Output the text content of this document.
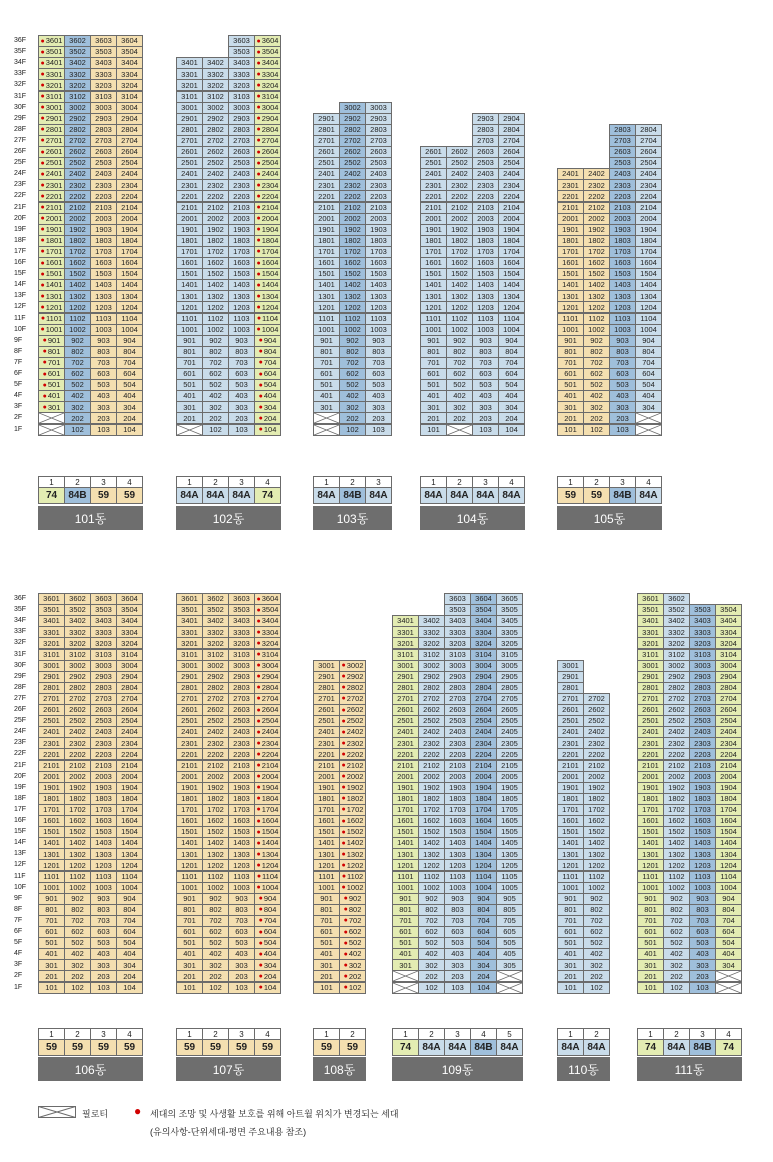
36F
35F
34F
33F
32F
31F
30F
29F
28F
27F
26F
25F
24F
23F
22F
21F
20F
19F
18F
17F
16F
15F
14F
13F
12F
11F
10F
9F
8F
7F
6F
5F
4F
3F
2F
1F
● 3601 3602 3603 3604
● 3501 3502 3503 3504
● 3401 3402 3403 3404
● 3301 3302 3303 3304
● 3201 3202 3203 3204
● 3101 3102 3103 3104
● 3001 3002 3003 3004
● 2901 2902 2903 2904
● 2801 2802 2803 2804
● 2701 2702 2703 2704
● 2601 2602 2603 2604
● 2501 2502 2503 2504
● 2401 2402 2403 2404
● 2301 2302 2303 2304
● 2201 2202 2203 2204
● 2101 2102 2103 2104
● 2001 2002 2003 2004
● 1901 1902 1903 1904
● 1801 1802 1803 1804
● 1701 1702 1703 1704
● 1601 1602 1603 1604
● 1501 1502 1503 1504
● 1401 1402 1403 1404
● 1301 1302 1303 1304
● 1201 1202 1203 1204
● 1101 1102 1103 1104
● 1001 1002 1003 1004
● 901 902 903 904
● 801 802 803 804
● 701 702 703 704
● 601 602 603 604
● 501 502 503 504
● 401 402 403 404
● 301 302 303 304
202 203 204
102 103 104
1
74
2
84B
3
59
4
59
101동
3603 ● 3604
3503 ● 3504
3401 3402 3403 ● 3404
3301 3302 3303 ● 3304
3201 3202 3203 ● 3204
3101 3102 3103 ● 3104
3001 3002 3003 ● 3004
2901 2902 2903 ● 2904
2801 2802 2803 ● 2804
2701 2702 2703 ● 2704
2601 2602 2603 ● 2604
2501 2502 2503 ● 2504
2401 2402 2403 ● 2404
2301 2302 2303 ● 2304
2201 2202 2203 ● 2204
2101 2102 2103 ● 2104
2001 2002 2003 ● 2004
1901 1902 1903 ● 1904
1801 1802 1803 ● 1804
1701 1702 1703 ● 1704
1601 1602 1603 ● 1604
1501 1502 1503 ● 1504
1401 1402 1403 ● 1404
1301 1302 1303 ● 1304
1201 1202 1203 ● 1204
1101 1102 1103 ● 1104
1001 1002 1003 ● 1004
901 902 903 ● 904
801 802 803 ● 804
701 702 703 ● 704
601 602 603 ● 604
501 502 503 ● 504
401 402 403 ● 404
301 302 303 ● 304
201 202 203 ● 204
102 103 ● 104
1
84A
2
84A
3
84A
4
74
102동
3002 3003
2901 2902 2903
2801 2802 2803
2701 2702 2703
2601 2602 2603
2501 2502 2503
2401 2402 2403
2301 2302 2303
2201 2202 2203
2101 2102 2103
2001 2002 2003
1901 1902 1903
1801 1802 1803
1701 1702 1703
1601 1602 1603
1501 1502 1503
1401 1402 1403
1301 1302 1303
1201 1202 1203
1101 1102 1103
1001 1002 1003
901 902 903
801 802 803
701 702 703
601 602 603
501 502 503
401 402 403
301 302 303
202 203
102 103
1
84A
2
84B
3
84A
103동
2903 2904
2803 2804
2703 2704
2601 2602 2603 2604
2501 2502 2503 2504
2401 2402 2403 2404
2301 2302 2303 2304
2201 2202 2203 2204
2101 2102 2103 2104
2001 2002 2003 2004
1901 1902 1903 1904
1801 1802 1803 1804
1701 1702 1703 1704
1601 1602 1603 1604
1501 1502 1503 1504
1401 1402 1403 1404
1301 1302 1303 1304
1201 1202 1203 1204
1101 1102 1103 1104
1001 1002 1003 1004
901 902 903 904
801 802 803 804
701 702 703 704
601 602 603 604
501 502 503 504
401 402 403 404
301 302 303 304
201 202 203 204
101	103 104
1
84A
2
84A
3
84A
4
84A
104동
2803 2804
2703 2704
2603 2604
2503 2504
2401 2402 2403 2404
2301 2302 2303 2304
2201 2202 2203 2204
2101 2102 2103 2104
2001 2002 2003 2004
1901 1902 1903 1904
1801 1802 1803 1804
1701 1702 1703 1704
1601 1602 1603 1604
1501 1502 1503 1504
1401 1402 1403 1404
1301 1302 1303 1304
1201 1202 1203 1204
1101 1102 1103 1104
1001 1002 1003 1004
901 902 903 904
801 802 803 804
701 702 703 704
601 602 603 604
501 502 503 504
401 402 403 404
301 302 303 304
201 202 203
101 102 103
1
59
2
59
3
84B
4
84A
105동
36F
35F
34F
33F
32F
31F
30F
29F
28F
27F
26F
25F
24F
23F
22F
21F
20F
19F
18F
17F
16F
15F
14F
13F
12F
11F
10F
9F
8F
7F
6F
5F
4F
3F
2F
1F
3601 3602 3603 3604
3501 3502 3503 3504
3401 3402 3403 3404
3301 3302 3303 3304
3201 3202 3203 3204
3101 3102 3103 3104
3001 3002 3003 3004
2901 2902 2903 2904
2801 2802 2803 2804
2701 2702 2703 2704
2601 2602 2603 2604
2501 2502 2503 2504
2401 2402 2403 2404
2301 2302 2303 2304
2201 2202 2203 2204
2101 2102 2103 2104
2001 2002 2003 2004
1901 1902 1903 1904
1801 1802 1803 1804
1701 1702 1703 1704
1601 1602 1603 1604
1501 1502 1503 1504
1401 1402 1403 1404
1301 1302 1303 1304
1201 1202 1203 1204
1101 1102 1103 1104
1001 1002 1003 1004
901 902 903 904
801 802 803 804
701 702 703 704
601 602 603 604
501 502 503 504
401 402 403 404
301 302 303 304
201 202 203 204
101 102 103 104
1
59
2
59
3
59
4
59
106동
3601 3602 3603 ● 3604
3501 3502 3503 ● 3504
3401 3402 3403 ● 3404
3301 3302 3303 ● 3304
3201 3202 3203 ● 3204
3101 3102 3103 ● 3104
3001 3002 3003 ● 3004
2901 2902 2903 ● 2904
2801 2802 2803 ● 2804
2701 2702 2703 ● 2704
2601 2602 2603 ● 2604
2501 2502 2503 ● 2504
2401 2402 2403 ● 2404
2301 2302 2303 ● 2304
2201 2202 2203 ● 2204
2101 2102 2103 ● 2104
2001 2002 2003 ● 2004
1901 1902 1903 ● 1904
1801 1802 1803 ● 1804
1701 1702 1703 ● 1704
1601 1602 1603 ● 1604
1501 1502 1503 ● 1504
1401 1402 1403 ● 1404
1301 1302 1303 ● 1304
1201 1202 1203 ● 1204
1101 1102 1103 ● 1104
1001 1002 1003 ● 1004
901 902 903 ● 904
801 802 803 ● 804
701 702 703 ● 704
601 602 603 ● 604
501 502 503 ● 504
401 402 403 ● 404
301 302 303 ● 304
201 202 203 ● 204
101 102 103 ● 104
1
59
2
59
3
59
4
59
107동
3001 ● 3002
2901 ● 2902
2801 ● 2802
2701 ● 2702
2601 ● 2602
2501 ● 2502
2401 ● 2402
2301 ● 2302
2201 ● 2202
2101 ● 2102
2001 ● 2002
1901 ● 1902
1801 ● 1802
1701 ● 1702
1601 ● 1602
1501 ● 1502
1401 ● 1402
1301 ● 1302
1201 ● 1202
1101 ● 1102
1001 ● 1002
901 ● 902
801 ● 802
701 ● 702
601 ● 602
501 ● 502
401 ● 402
301 ● 302
201 ● 202
101 ● 102
1
59
2
59
108동
3603 3604 3605
3503 3504 3505
3401 3402 3403 3404 3405
3301 3302 3303 3304 3305
3201 3202 3203 3204 3205
3101 3102 3103 3104 3105
3001 3002 3003 3004 3005
2901 2902 2903 2904 2905
2801 2802 2803 2804 2805
2701 2702 2703 2704 2705
2601 2602 2603 2604 2605
2501 2502 2503 2504 2505
2401 2402 2403 2404 2405
2301 2302 2303 2304 2305
2201 2202 2203 2204 2205
2101 2102 2103 2104 2105
2001 2002 2003 2004 2005
1901 1902 1903 1904 1905
1801 1802 1803 1804 1805
1701 1702 1703 1704 1705
1601 1602 1603 1604 1605
1501 1502 1503 1504 1505
1401 1402 1403 1404 1405
1301 1302 1303 1304 1305
1201 1202 1203 1204 1205
1101 1102 1103 1104 1105
1001 1002 1003 1004 1005
901 902 903 904 905
801 802 803 804 805
701 702 703 704 705
601 602 603 604 605
501 502 503 504 505
401 402 403 404 405
301 302 303 304 305
202 203 204
102 103 104
1
74
2
84A
3
84A
4
84B
5
84A
109동
3001
2901
2801
2701 2702
2601 2602
2501 2502
2401 2402
2301 2302
2201 2202
2101 2102
2001 2002
1901 1902
1801 1802
1701 1702
1601 1602
1501 1502
1401 1402
1301 1302
1201 1202
1101 1102
1001 1002
901 902
801 802
701 702
601 602
501 502
401 402
301 302
201 202
101 102
1
84A
2
84A
110동
3601 3602
3501 3502 3503 3504
3401 3402 3403 3404
3301 3302 3303 3304
3201 3202 3203 3204
3101 3102 3103 3104
3001 3002 3003 3004
2901 2902 2903 2904
2801 2802 2803 2804
2701 2702 2703 2704
2601 2602 2603 2604
2501 2502 2503 2504
2401 2402 2403 2404
2301 2302 2303 2304
2201 2202 2203 2204
2101 2102 2103 2104
2001 2002 2003 2004
1901 1902 1903 1904
1801 1802 1803 1804
1701 1702 1703 1704
1601 1602 1603 1604
1501 1502 1503 1504
1401 1402 1403 1404
1301 1302 1303 1304
1201 1202 1203 1204
1101 1102 1103 1104
1001 1002 1003 1004
901 902 903 904
801 802 803 804
701 702 703 704
601 602 603 604
501 502 503 504
401 402 403 404
301 302 303 304
201 202 203
101 102 103
1
74
2
84A
3
84B
4
74
111동
필로티 ● 세대의 조망 및 사생활 보호를 위해 아트월 위치가 변경되는 세대
(유의사항-단위세대-평면 주요내용 참조)
